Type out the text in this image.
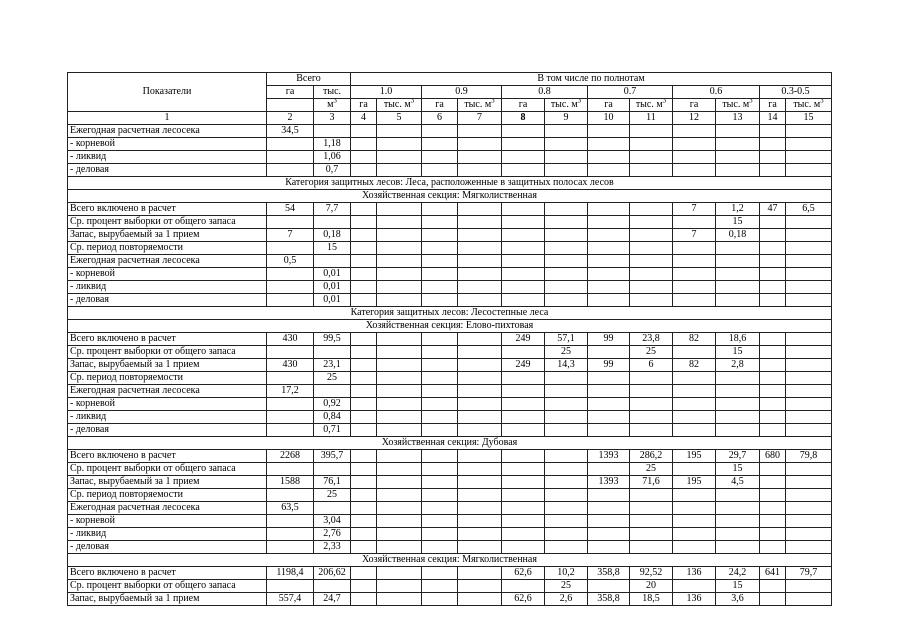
Показатели	Всего		В том числе по полнотам											
	га	тыс.	1.0		0.9		0.8		0.7		0.6		0.3-0.5	
		$м^3$	га	тыс. $м^3$	га	тыс. $м^3$	га	тыс. $м^3$	га	тыс. $м^3$	га	тыс. $м^3$	га	тыс. $м^3$
1	2	3	4	5	6	7	8	9	10	11	12	13	14	15
Ежегодная расчетная лесосека	34,5													
- корневой		1,18												
- ликвид		1,06												
- деловая		0,7												
Категория защитных лесов: Леса, расположенные в защитных полосах лесов														
Хозяйственная секция: Мягколиственная														
Всего включено в расчет	54	7,7									7	1,2	47	6,5
Ср. процент выборки от общего запаса												15		
Запас, вырубаемый за 1 прием	7	0,18									7	0,18		
Ср. период повторяемости		15												
Ежегодная расчетная лесосека	0,5													
- корневой		0,01												
- ликвид		0,01												
- деловая		0,01												
Категория защитных лесов: Лесостепные леса														
Хозяйственная секция: Елово-пихтовая														
Всего включено в расчет	430	99,5					249	57,1	99	23,8	82	18,6		
Ср. процент выборки от общего запаса								25		25		15		
Запас, вырубаемый за 1 прием	430	23,1					249	14,3	99	6	82	2,8		
Ср. период повторяемости		25												
Ежегодная расчетная лесосека	17,2													
- корневой		0,92												
- ликвид		0,84												
- деловая		0,71												
Хозяйственная секция: Дубовая														
Всего включено в расчет	2268	395,7							1393	286,2	195	29,7	680	79,8
Ср. процент выборки от общего запаса										25		15		
Запас, вырубаемый за 1 прием	1588	76,1							1393	71,6	195	4,5		
Ср. период повторяемости		25												
Ежегодная расчетная лесосека	63,5													
- корневой		3,04												
- ликвид		2,76												
- деловая		2,33												
Хозяйственная секция: Мягколиственная														
Всего включено в расчет	1198,4	206,62					62,6	10,2	358,8	92,52	136	24,2	641	79,7
Ср. процент выборки от общего запаса								25		20		15		
Запас, вырубаемый за 1 прием	557,4	24,7					62,6	2,6	358,8	18,5	136	3,6		
